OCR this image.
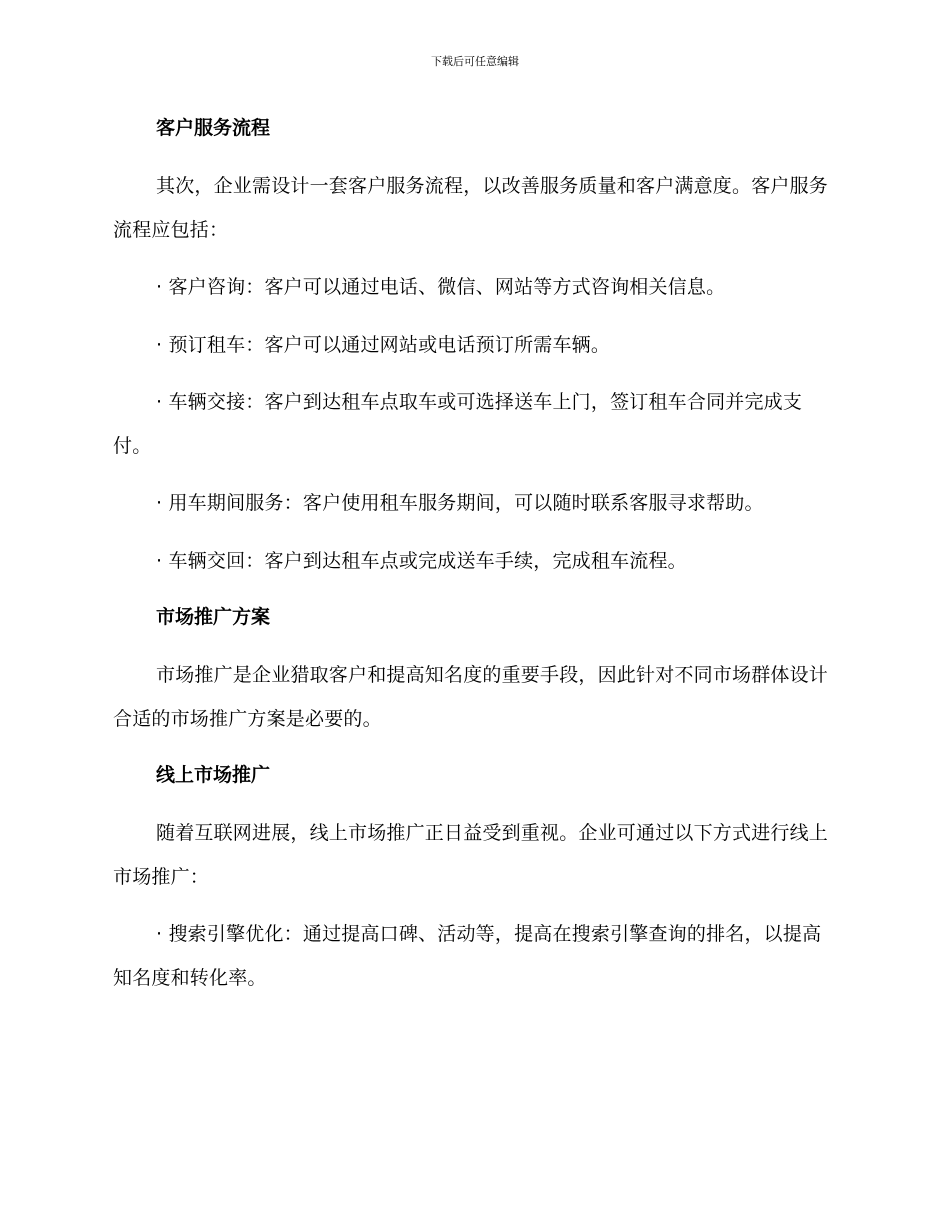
下载后可任意编辑
客户服务流程
其次，企业需设计一套客户服务流程，以改善服务质量和客户满意度。客户服务流程应包括：
· 客户咨询：客户可以通过电话、微信、网站等方式咨询相关信息。
· 预订租车：客户可以通过网站或电话预订所需车辆。
· 车辆交接：客户到达租车点取车或可选择送车上门，签订租车合同并完成支付。
· 用车期间服务：客户使用租车服务期间，可以随时联系客服寻求帮助。
· 车辆交回：客户到达租车点或完成送车手续，完成租车流程。
市场推广方案
市场推广是企业猎取客户和提高知名度的重要手段，因此针对不同市场群体设计合适的市场推广方案是必要的。
线上市场推广
随着互联网进展，线上市场推广正日益受到重视。企业可通过以下方式进行线上市场推广：
· 搜索引擎优化：通过提高口碑、活动等，提高在搜索引擎查询的排名，以提高知名度和转化率。
